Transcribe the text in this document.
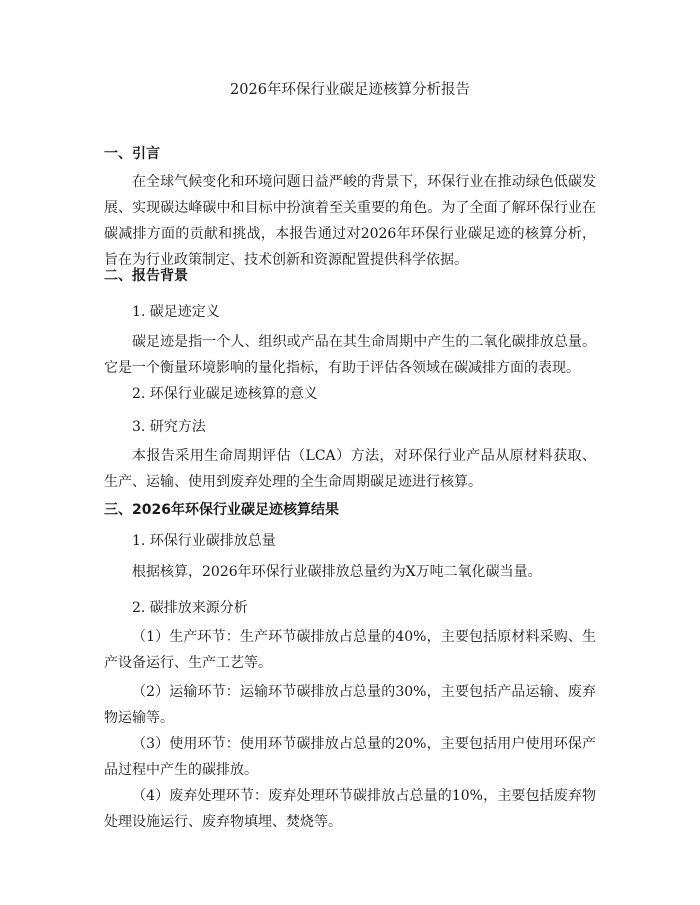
2026年环保行业碳足迹核算分析报告
一、引言

在全球气候变化和环境问题日益严峻的背景下，环保行业在推动绿色低碳发展、实现碳达峰碳中和目标中扮演着至关重要的角色。为了全面了解环保行业在碳减排方面的贡献和挑战，本报告通过对2026年环保行业碳足迹的核算分析，旨在为行业政策制定、技术创新和资源配置提供科学依据。

二、报告背景

1. 碳足迹定义

碳足迹是指一个人、组织或产品在其生命周期中产生的二氧化碳排放总量。它是一个衡量环境影响的量化指标，有助于评估各领域在碳减排方面的表现。

2. 环保行业碳足迹核算的意义

3. 研究方法

本报告采用生命周期评估（LCA）方法，对环保行业产品从原材料获取、生产、运输、使用到废弃处理的全生命周期碳足迹进行核算。

三、2026年环保行业碳足迹核算结果

1. 环保行业碳排放总量

根据核算，2026年环保行业碳排放总量约为X万吨二氧化碳当量。

2. 碳排放来源分析

（1）生产环节：生产环节碳排放占总量的40%，主要包括原材料采购、生产设备运行、生产工艺等。

（2）运输环节：运输环节碳排放占总量的30%，主要包括产品运输、废弃物运输等。

（3）使用环节：使用环节碳排放占总量的20%，主要包括用户使用环保产品过程中产生的碳排放。

（4）废弃处理环节：废弃处理环节碳排放占总量的10%，主要包括废弃物处理设施运行、废弃物填埋、焚烧等。
